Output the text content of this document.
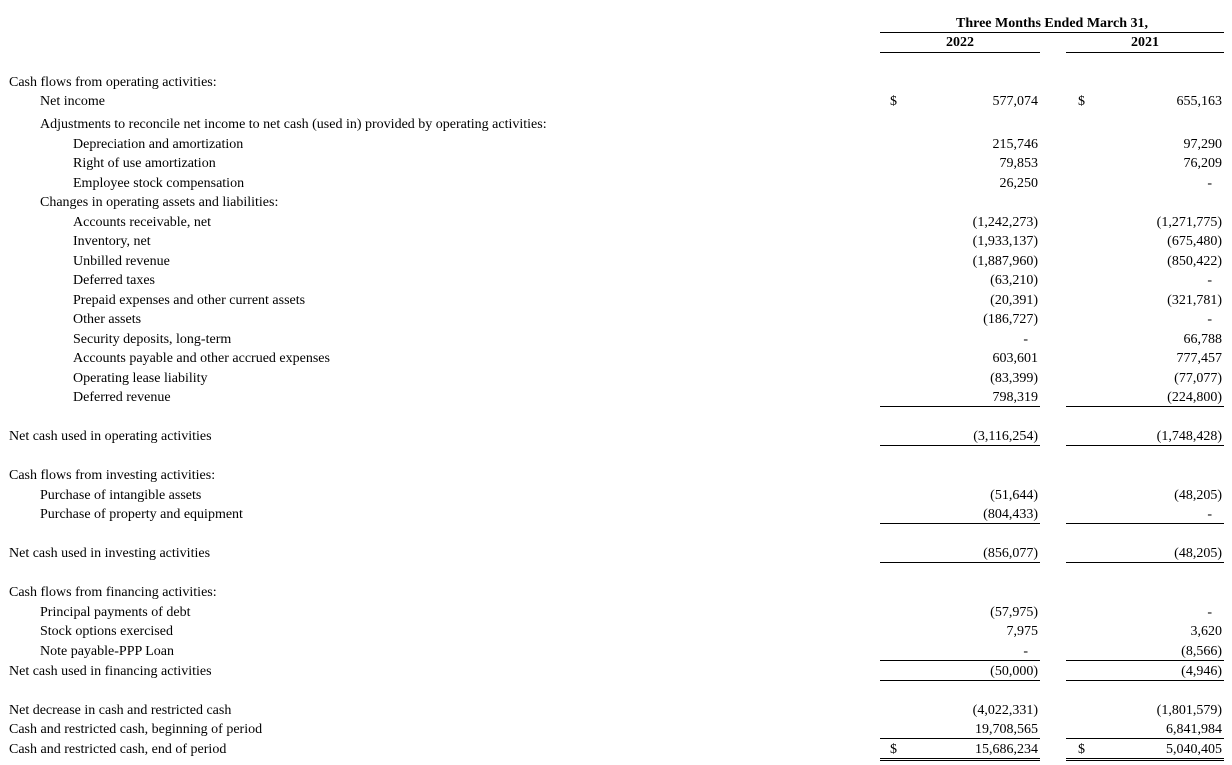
Three Months Ended March 31,
2022	2021
Cash flows from operating activities:
Net income	$	577,074	$	655,163
Adjustments to reconcile net income to net cash (used in) provided by operating activities:
Depreciation and amortization	215,746	97,290
Right of use amortization	79,853	76,209
Employee stock compensation	26,250	-
Changes in operating assets and liabilities:
Accounts receivable, net	(1,242,273)	(1,271,775)
Inventory, net	(1,933,137)	(675,480)
Unbilled revenue	(1,887,960)	(850,422)
Deferred taxes	(63,210)	-
Prepaid expenses and other current assets	(20,391)	(321,781)
Other assets	(186,727)	-
Security deposits, long-term	-	66,788
Accounts payable and other accrued expenses	603,601	777,457
Operating lease liability	(83,399)	(77,077)
Deferred revenue	798,319	(224,800)
Net cash used in operating activities	(3,116,254)	(1,748,428)
Cash flows from investing activities:
Purchase of intangible assets	(51,644)	(48,205)
Purchase of property and equipment	(804,433)	-
Net cash used in investing activities	(856,077)	(48,205)
Cash flows from financing activities:
Principal payments of debt	(57,975)	-
Stock options exercised	7,975	3,620
Note payable-PPP Loan	-	(8,566)
Net cash used in financing activities	(50,000)	(4,946)
Net decrease in cash and restricted cash	(4,022,331)	(1,801,579)
Cash and restricted cash, beginning of period	19,708,565	6,841,984
Cash and restricted cash, end of period	$	15,686,234	$	5,040,405
